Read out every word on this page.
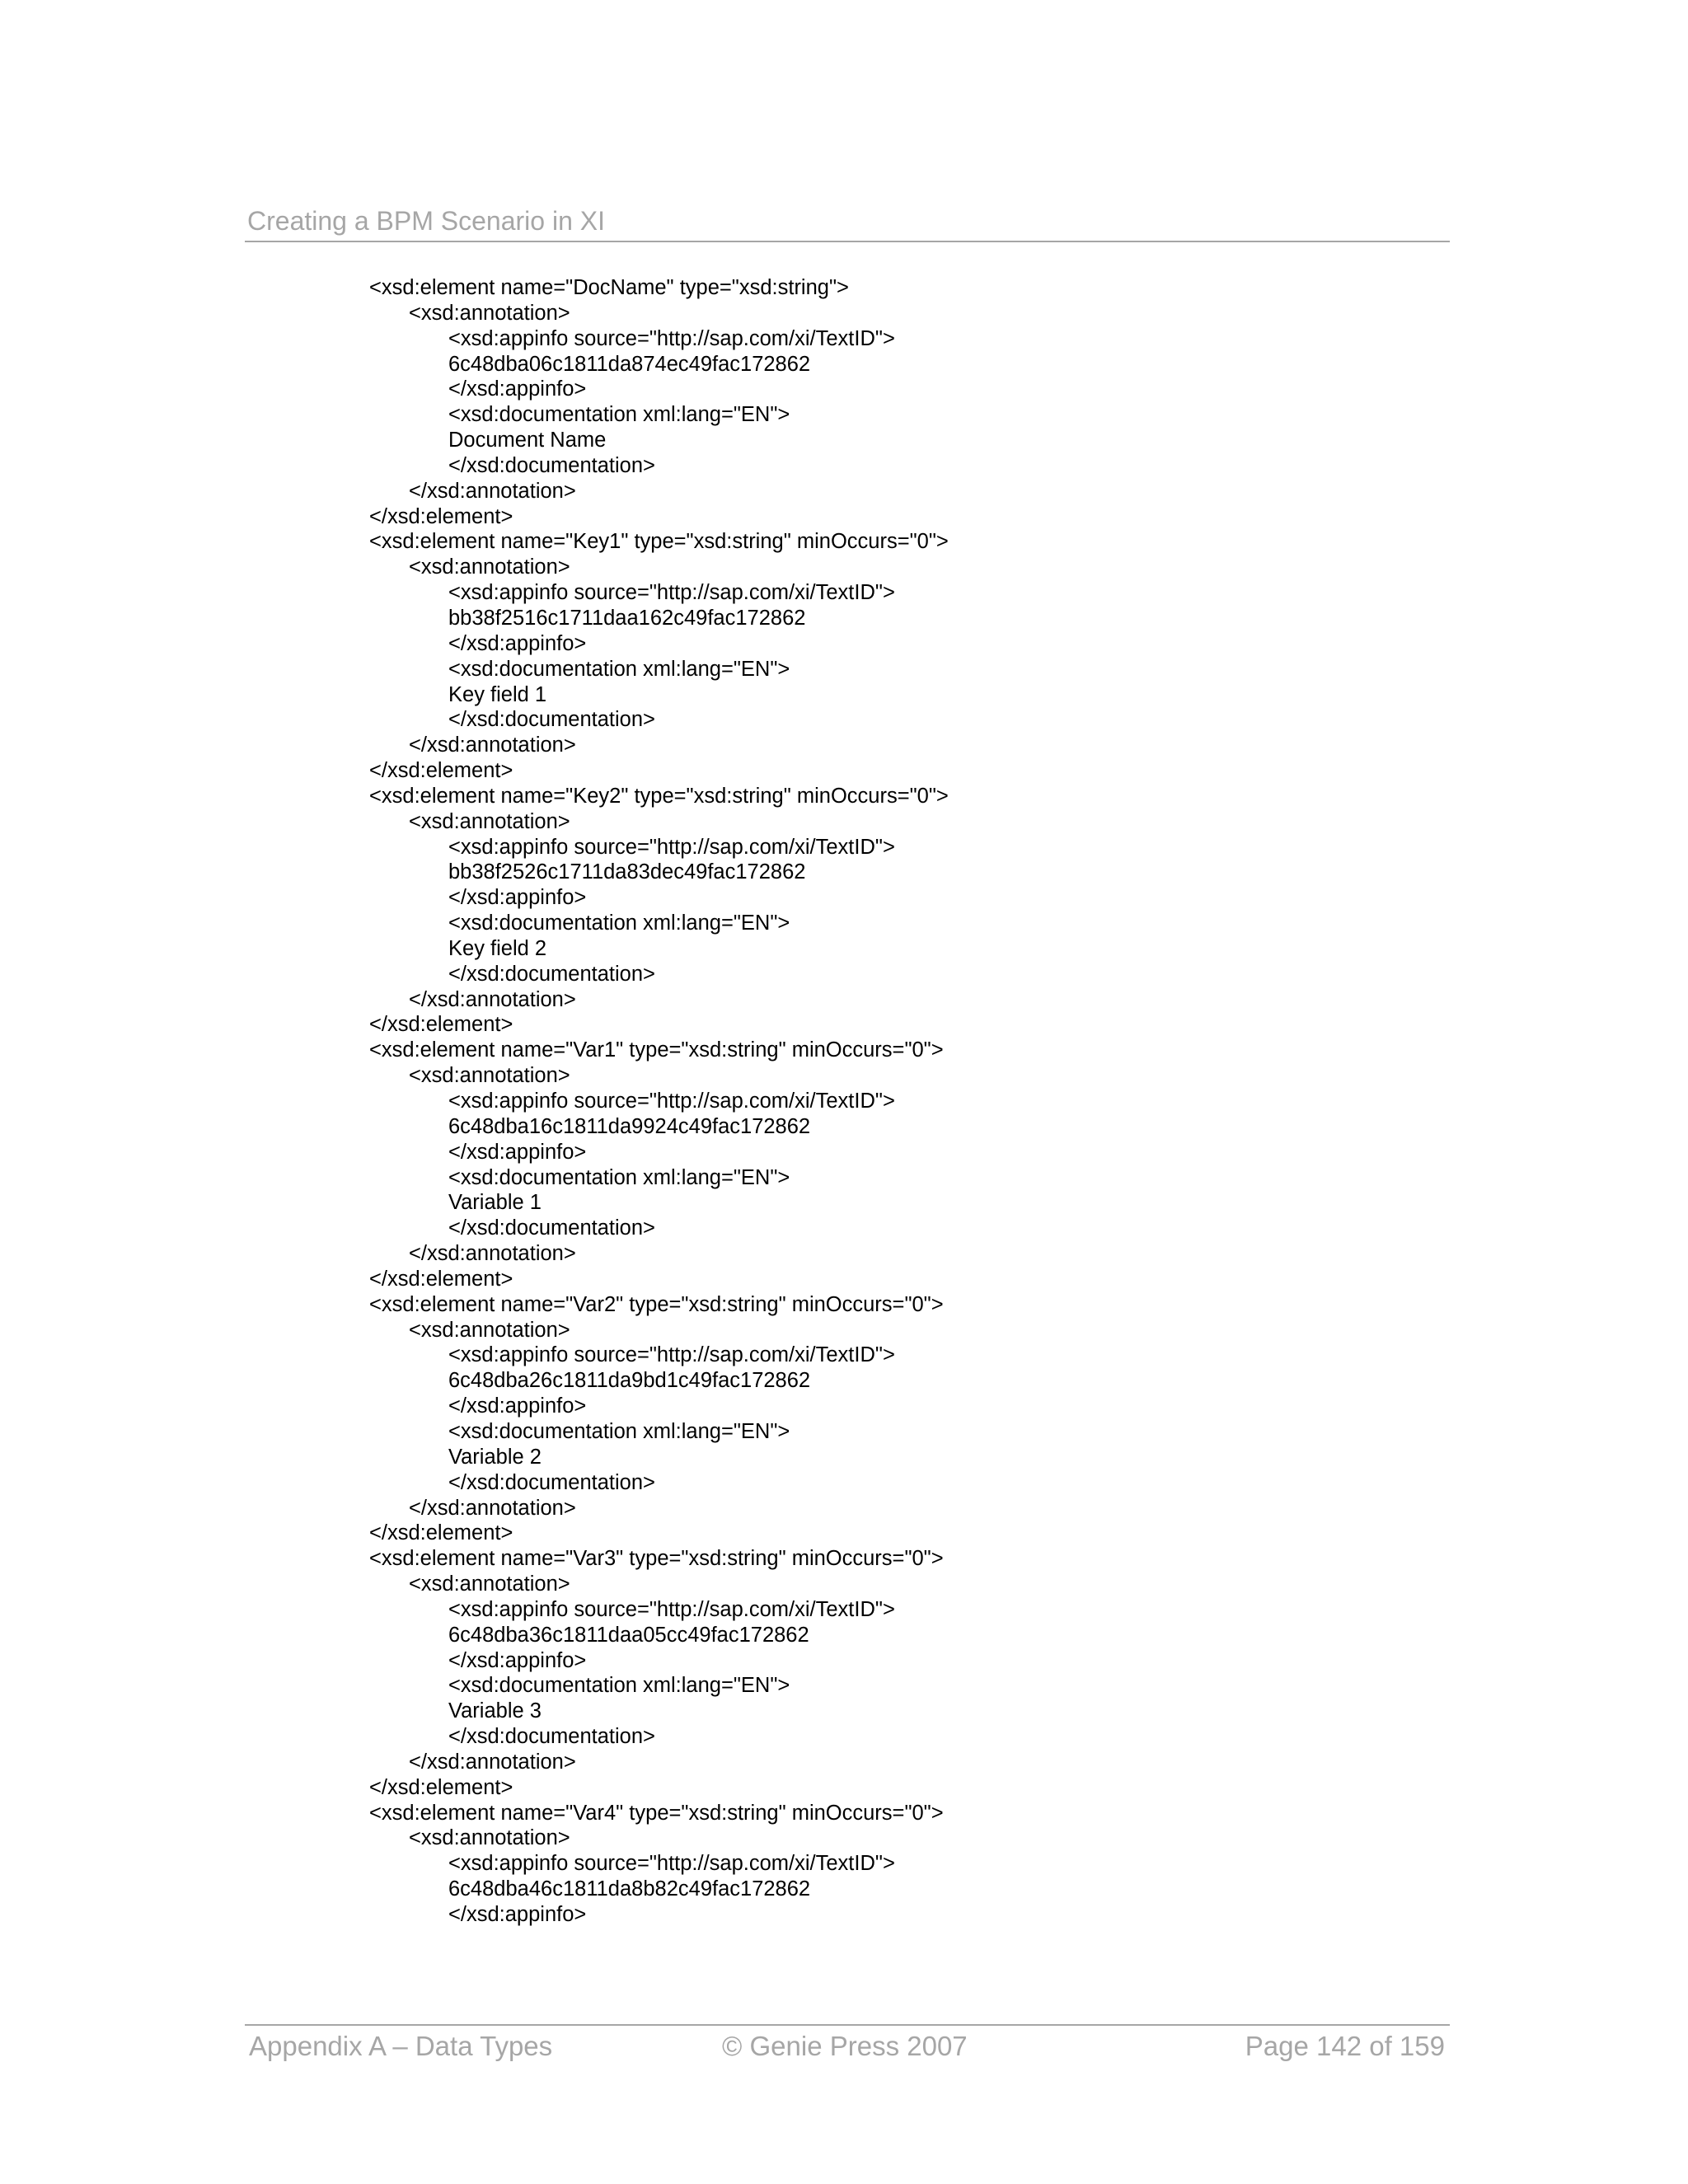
Creating a BPM Scenario in XI
<xsd:element name="DocName" type="xsd:string">
<xsd:annotation>
<xsd:appinfo source="http://sap.com/xi/TextID">
6c48dba06c1811da874ec49fac172862
</xsd:appinfo>
<xsd:documentation xml:lang="EN">
Document Name
</xsd:documentation>
</xsd:annotation>
</xsd:element>
<xsd:element name="Key1" type="xsd:string" minOccurs="0">
<xsd:annotation>
<xsd:appinfo source="http://sap.com/xi/TextID">
bb38f2516c1711daa162c49fac172862
</xsd:appinfo>
<xsd:documentation xml:lang="EN">
Key field 1
</xsd:documentation>
</xsd:annotation>
</xsd:element>
<xsd:element name="Key2" type="xsd:string" minOccurs="0">
<xsd:annotation>
<xsd:appinfo source="http://sap.com/xi/TextID">
bb38f2526c1711da83dec49fac172862
</xsd:appinfo>
<xsd:documentation xml:lang="EN">
Key field 2
</xsd:documentation>
</xsd:annotation>
</xsd:element>
<xsd:element name="Var1" type="xsd:string" minOccurs="0">
<xsd:annotation>
<xsd:appinfo source="http://sap.com/xi/TextID">
6c48dba16c1811da9924c49fac172862
</xsd:appinfo>
<xsd:documentation xml:lang="EN">
Variable 1
</xsd:documentation>
</xsd:annotation>
</xsd:element>
<xsd:element name="Var2" type="xsd:string" minOccurs="0">
<xsd:annotation>
<xsd:appinfo source="http://sap.com/xi/TextID">
6c48dba26c1811da9bd1c49fac172862
</xsd:appinfo>
<xsd:documentation xml:lang="EN">
Variable 2
</xsd:documentation>
</xsd:annotation>
</xsd:element>
<xsd:element name="Var3" type="xsd:string" minOccurs="0">
<xsd:annotation>
<xsd:appinfo source="http://sap.com/xi/TextID">
6c48dba36c1811daa05cc49fac172862
</xsd:appinfo>
<xsd:documentation xml:lang="EN">
Variable 3
</xsd:documentation>
</xsd:annotation>
</xsd:element>
<xsd:element name="Var4" type="xsd:string" minOccurs="0">
<xsd:annotation>
<xsd:appinfo source="http://sap.com/xi/TextID">
6c48dba46c1811da8b82c49fac172862
</xsd:appinfo>
Appendix A – Data Types	© Genie Press 2007	Page 142 of 159
